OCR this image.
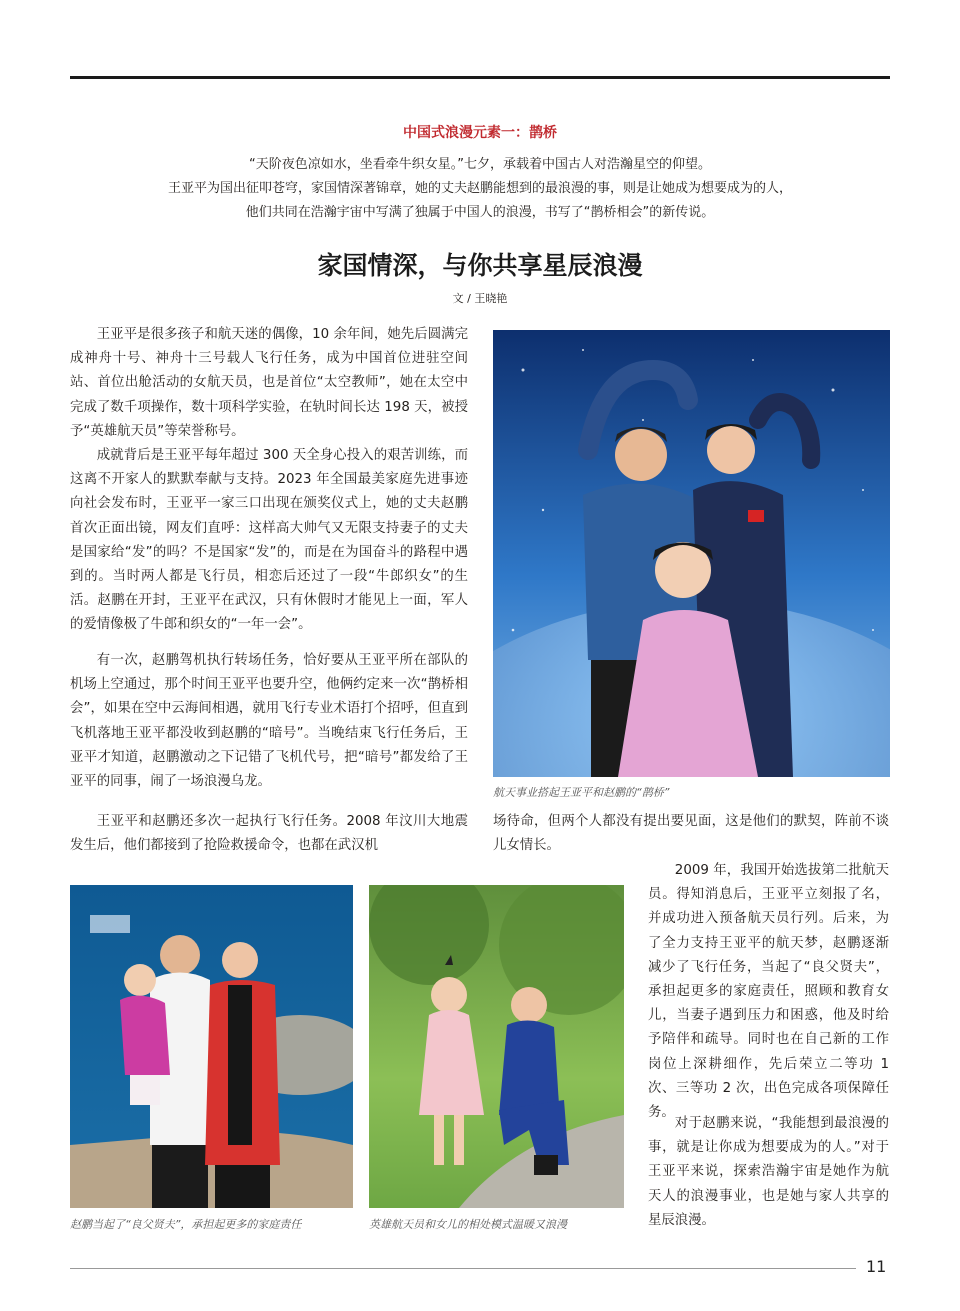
中国式浪漫元素一：鹊桥
“天阶夜色凉如水，坐看牵牛织女星。”七夕，承载着中国古人对浩瀚星空的仰望。
王亚平为国出征叩苍穹，家国情深著锦章，她的丈夫赵鹏能想到的最浪漫的事，则是让她成为想要成为的人，
他们共同在浩瀚宇宙中写满了独属于中国人的浪漫，书写了“鹊桥相会”的新传说。
家国情深，与你共享星辰浪漫
文 / 王晓艳
王亚平是很多孩子和航天迷的偶像，10 余年间，她先后圆满完成神舟十号、神舟十三号载人飞行任务，成为中国首位进驻空间站、首位出舱活动的女航天员，也是首位“太空教师”，她在太空中完成了数千项操作，数十项科学实验，在轨时间长达 198 天，被授予“英雄航天员”等荣誉称号。
成就背后是王亚平每年超过 300 天全身心投入的艰苦训练，而这离不开家人的默默奉献与支持。2023 年全国最美家庭先进事迹向社会发布时，王亚平一家三口出现在颁奖仪式上，她的丈夫赵鹏首次正面出镜，网友们直呼：这样高大帅气又无限支持妻子的丈夫是国家给“发”的吗？不是国家“发”的，而是在为国奋斗的路程中遇到的。当时两人都是飞行员，相恋后还过了一段“牛郎织女”的生活。赵鹏在开封，王亚平在武汉，只有休假时才能见上一面，军人的爱情像极了牛郎和织女的“一年一会”。
有一次，赵鹏驾机执行转场任务，恰好要从王亚平所在部队的机场上空通过，那个时间王亚平也要升空，他俩约定来一次“鹊桥相会”，如果在空中云海间相遇，就用飞行专业术语打个招呼，但直到飞机落地王亚平都没收到赵鹏的“暗号”。当晚结束飞行任务后，王亚平才知道，赵鹏激动之下记错了飞机代号，把“暗号”都发给了王亚平的同事，闹了一场浪漫乌龙。
王亚平和赵鹏还多次一起执行飞行任务。2008 年汶川大地震发生后，他们都接到了抢险救援命令，也都在武汉机
场待命，但两个人都没有提出要见面，这是他们的默契，阵前不谈儿女情长。
航天事业搭起王亚平和赵鹏的“鹊桥”
赵鹏当起了“良父贤夫”，承担起更多的家庭责任	英雄航天员和女儿的相处模式温暖又浪漫
2009 年，我国开始选拔第二批航天员。得知消息后，王亚平立刻报了名，并成功进入预备航天员行列。后来，为了全力支持王亚平的航天梦，赵鹏逐渐减少了飞行任务，当起了“良父贤夫”，承担起更多的家庭责任，照顾和教育女儿，当妻子遇到压力和困惑，他及时给予陪伴和疏导。同时也在自己新的工作岗位上深耕细作，先后荣立二等功 1 次、三等功 2 次，出色完成各项保障任务。
对于赵鹏来说，“我能想到最浪漫的事，就是让你成为想要成为的人。”对于王亚平来说，探索浩瀚宇宙是她作为航天人的浪漫事业，也是她与家人共享的星辰浪漫。
11
